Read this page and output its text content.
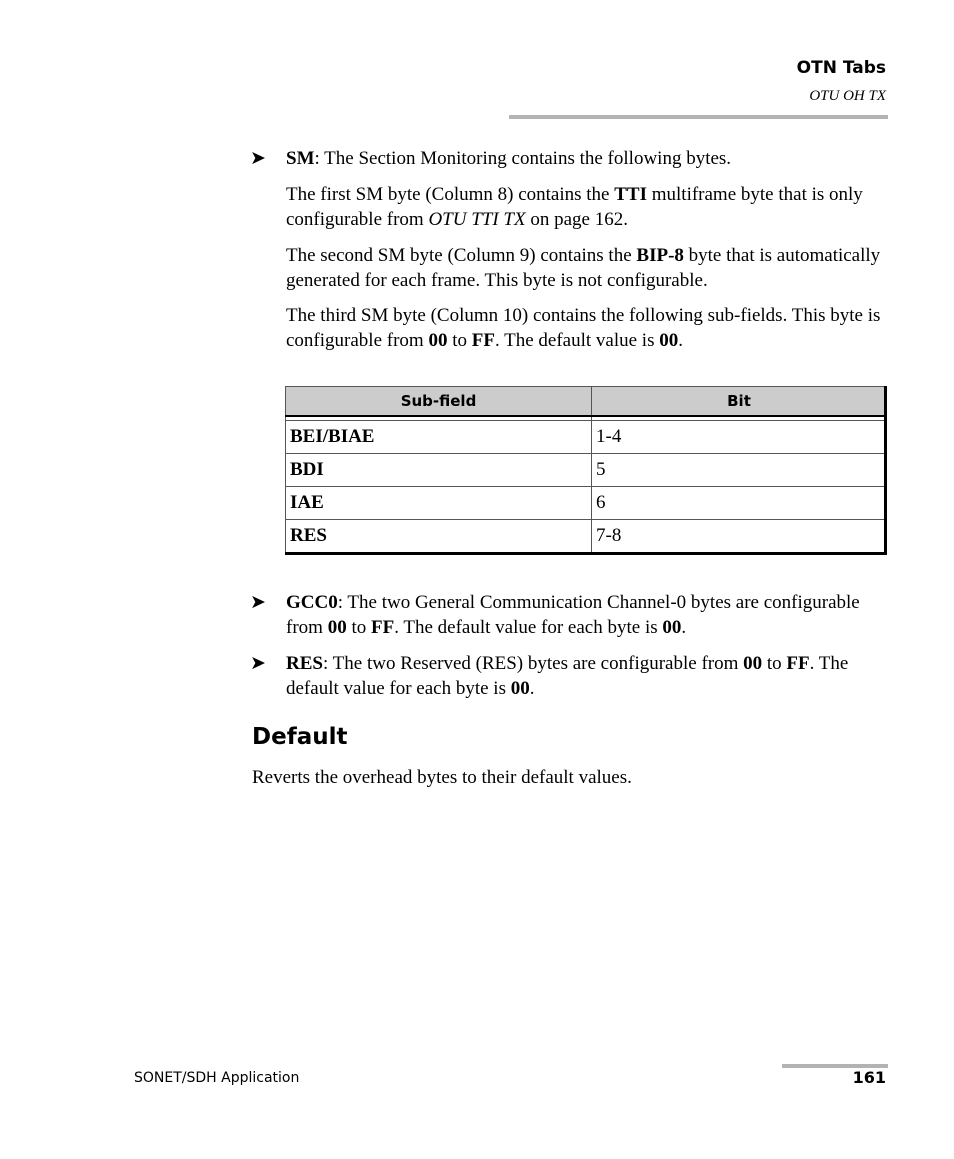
OTN Tabs
OTU OH TX
➤ SM: The Section Monitoring contains the following bytes.

The first SM byte (Column 8) contains the TTI multiframe byte that is only configurable from OTU TTI TX on page 162.

The second SM byte (Column 9) contains the BIP-8 byte that is automatically generated for each frame. This byte is not configurable.

The third SM byte (Column 10) contains the following sub-fields. This byte is configurable from 00 to FF. The default value is 00.

Sub-field	Bit

BEI/BIAE	1-4
BDI	5
IAE	6
RES	7-8
➤ GCC0: The two General Communication Channel-0 bytes are configurable from 00 to FF. The default value for each byte is 00.
➤ RES: The two Reserved (RES) bytes are configurable from 00 to FF. The default value for each byte is 00.
Default
Reverts the overhead bytes to their default values.
SONET/SDH Application	161
